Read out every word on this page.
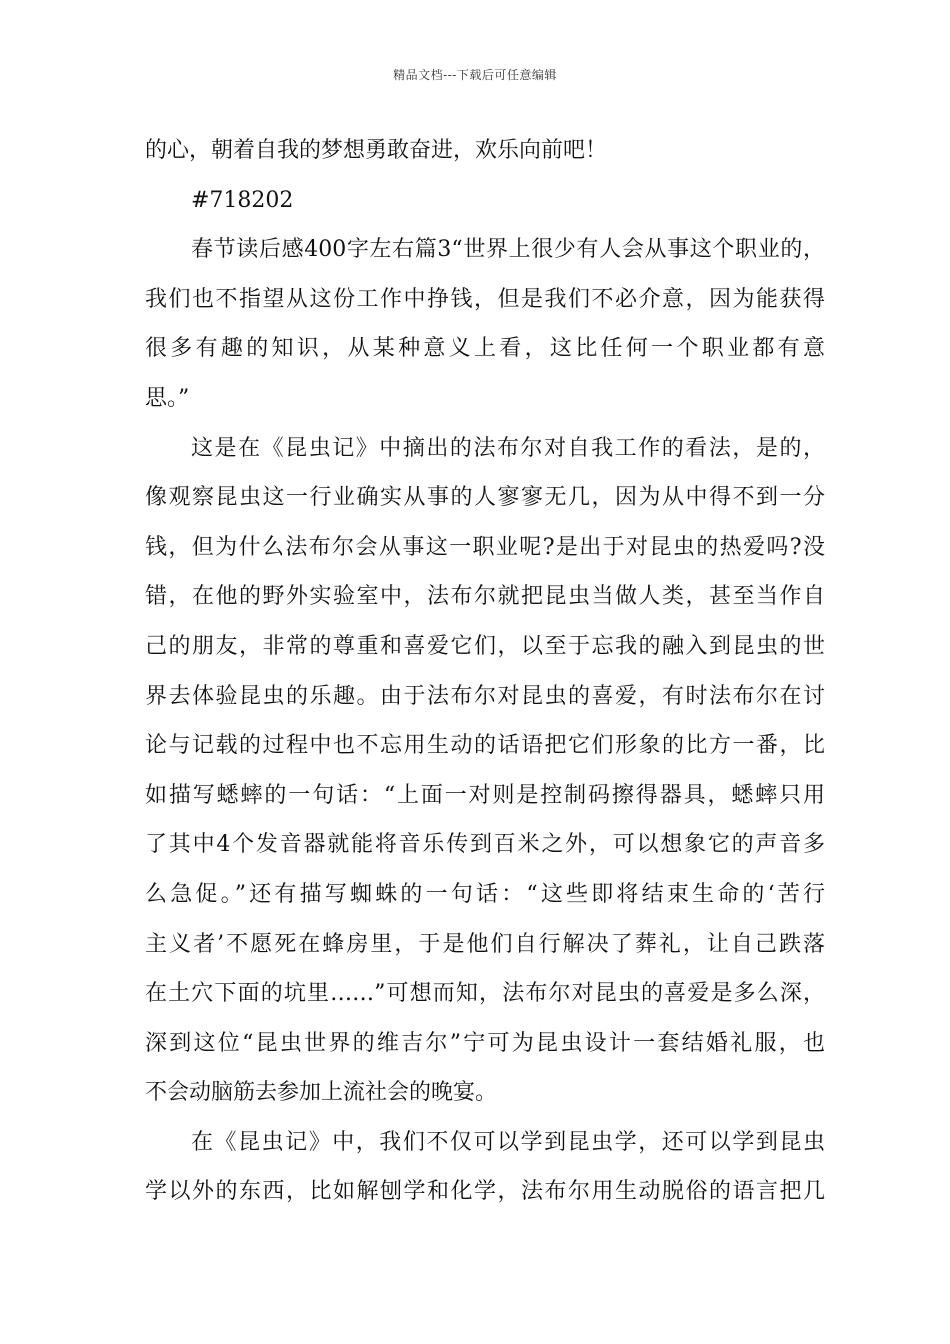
精品文档---下载后可任意编辑
的心，朝着自我的梦想勇敢奋进，欢乐向前吧！
#718202
春节读后感400字左右篇3“世界上很少有人会从事这个职业的，
我们也不指望从这份工作中挣钱，但是我们不必介意，因为能获得
很多有趣的知识，从某种意义上看，这比任何一个职业都有意
思。”
这是在《昆虫记》中摘出的法布尔对自我工作的看法，是的，
像观察昆虫这一行业确实从事的人寥寥无几，因为从中得不到一分
钱，但为什么法布尔会从事这一职业呢?是出于对昆虫的热爱吗?没
错，在他的野外实验室中，法布尔就把昆虫当做人类，甚至当作自
己的朋友，非常的尊重和喜爱它们，以至于忘我的融入到昆虫的世
界去体验昆虫的乐趣。由于法布尔对昆虫的喜爱，有时法布尔在讨
论与记载的过程中也不忘用生动的话语把它们形象的比方一番，比
如描写蟋蟀的一句话：“上面一对则是控制码擦得器具，蟋蟀只用
了其中4个发音器就能将音乐传到百米之外，可以想象它的声音多
么急促。”还有描写蜘蛛的一句话：“这些即将结束生命的‘苦行
主义者’不愿死在蜂房里，于是他们自行解决了葬礼，让自己跌落
在土穴下面的坑里……”可想而知，法布尔对昆虫的喜爱是多么深，
深到这位“昆虫世界的维吉尔”宁可为昆虫设计一套结婚礼服，也
不会动脑筋去参加上流社会的晚宴。
在《昆虫记》中，我们不仅可以学到昆虫学，还可以学到昆虫
学以外的东西，比如解刨学和化学，法布尔用生动脱俗的语言把几
